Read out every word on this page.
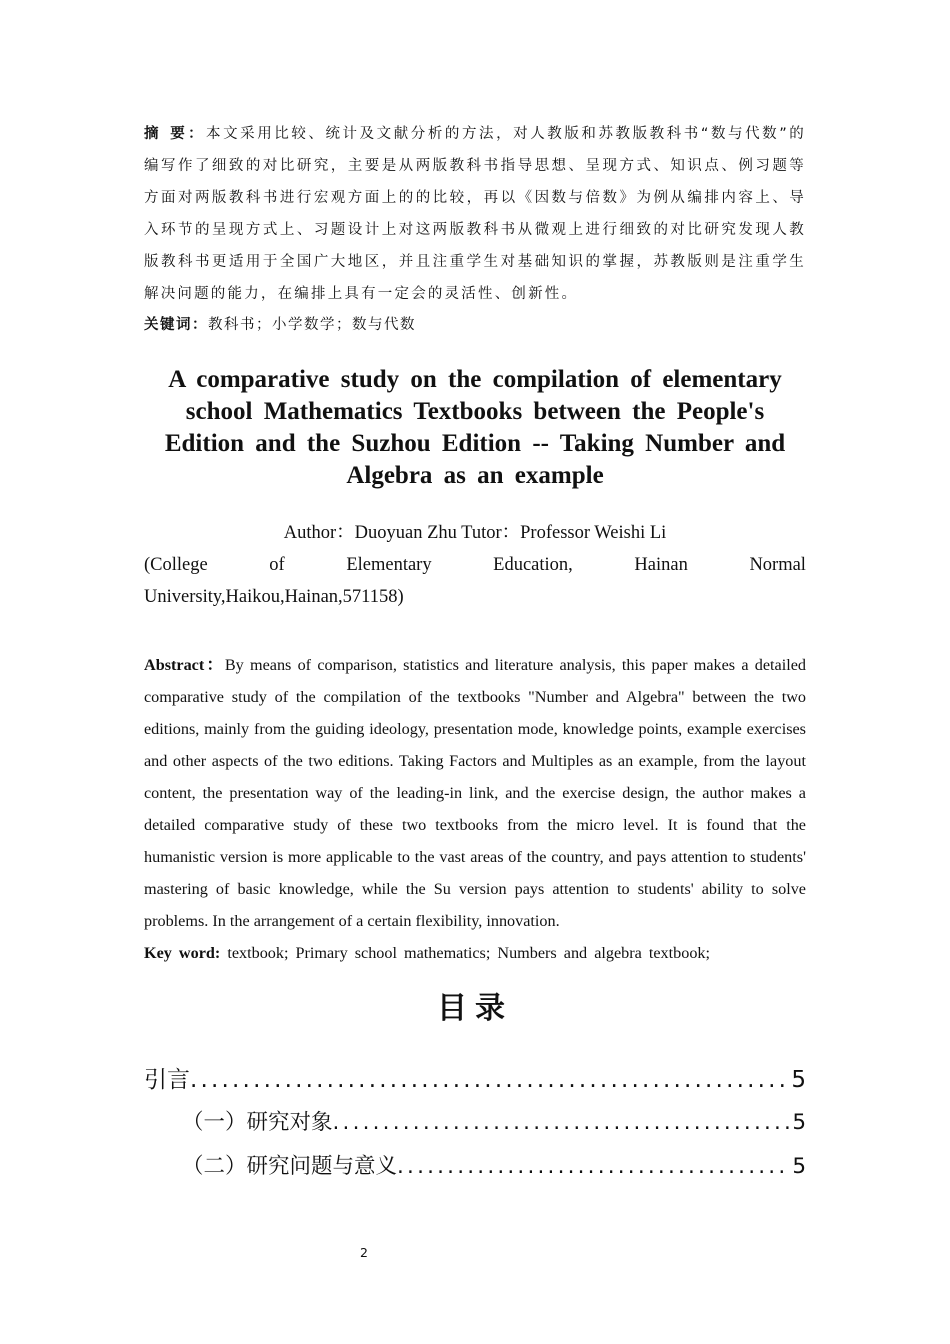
摘 要：本文采用比较、统计及文献分析的方法，对人教版和苏教版教科书“数与代数”的编写作了细致的对比研究，主要是从两版教科书指导思想、呈现方式、知识点、例习题等方面对两版教科书进行宏观方面上的的比较，再以《因数与倍数》为例从编排内容上、导入环节的呈现方式上、习题设计上对这两版教科书从微观上进行细致的对比研究发现人教版教科书更适用于全国广大地区，并且注重学生对基础知识的掌握，苏教版则是注重学生解决问题的能力，在编排上具有一定会的灵活性、创新性。

关键词：教科书；小学数学；数与代数

A comparative study on the compilation of elementary school Mathematics Textbooks between the People's Edition and the Suzhou Edition -- Taking Number and Algebra as an example

Author：Duoyuan Zhu Tutor：Professor Weishi Li

(College	of	Elementary	Education,	Hainan	Normal
University,Haikou,Hainan,571158)

Abstract：By means of comparison, statistics and literature analysis, this paper makes a detailed comparative study of the compilation of the textbooks "Number and Algebra" between the two editions, mainly from the guiding ideology, presentation mode, knowledge points, example exercises and other aspects of the two editions. Taking Factors and Multiples as an example, from the layout content, the presentation way of the leading-in link, and the exercise design, the author makes a detailed comparative study of these two textbooks from the micro level. It is found that the humanistic version is more applicable to the vast areas of the country, and pays attention to students' mastering of basic knowledge, while the Su version pays attention to students' ability to solve problems. In the arrangement of a certain flexibility, innovation.

Key word: textbook; Primary school mathematics; Numbers and algebra textbook;

目录
引言 .....	5
（一）研究对象 .....	5
（二）研究问题与意义 .....	5
2
